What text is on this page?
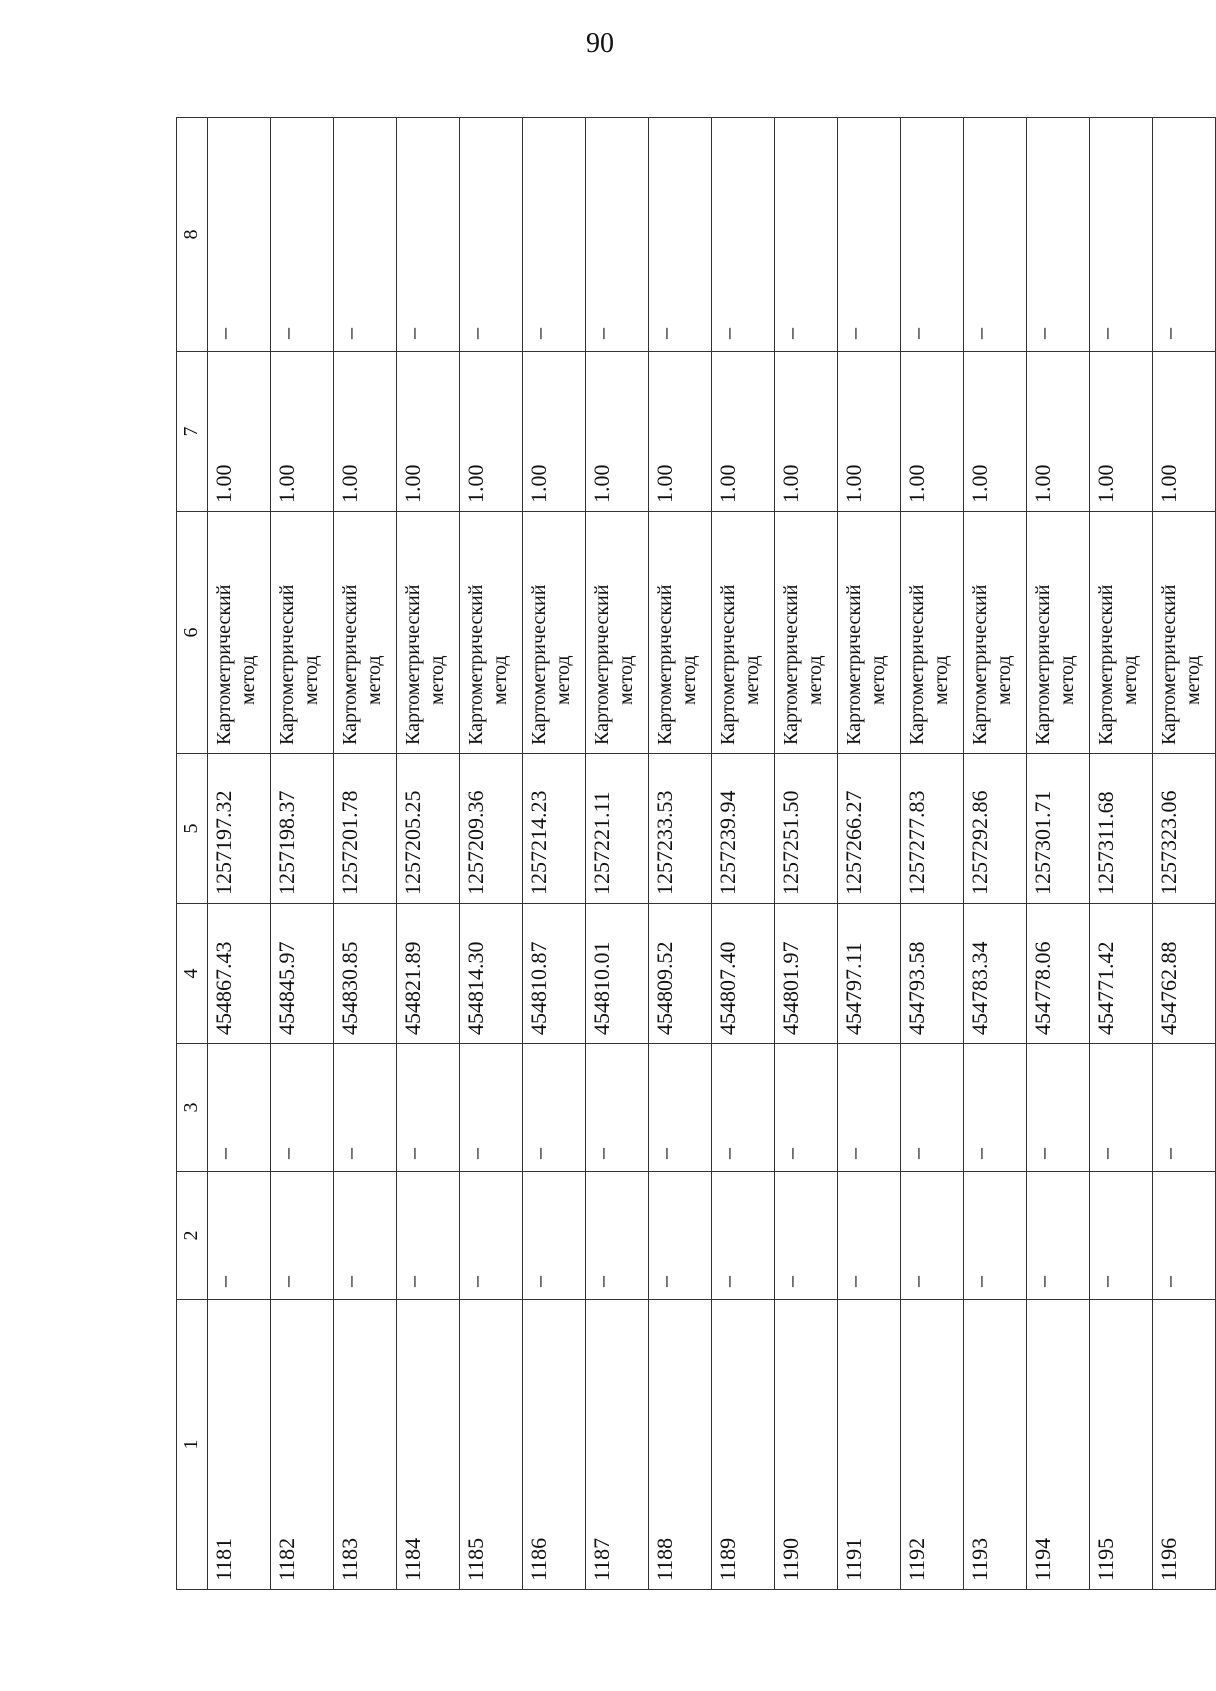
90
1	2	3	4	5	6	7	8
1181	–	–	454867.43	1257197.32	Картометрический метод	1.00	–
1182	–	–	454845.97	1257198.37	Картометрический метод	1.00	–
1183	–	–	454830.85	1257201.78	Картометрический метод	1.00	–
1184	–	–	454821.89	1257205.25	Картометрический метод	1.00	–
1185	–	–	454814.30	1257209.36	Картометрический метод	1.00	–
1186	–	–	454810.87	1257214.23	Картометрический метод	1.00	–
1187	–	–	454810.01	1257221.11	Картометрический метод	1.00	–
1188	–	–	454809.52	1257233.53	Картометрический метод	1.00	–
1189	–	–	454807.40	1257239.94	Картометрический метод	1.00	–
1190	–	–	454801.97	1257251.50	Картометрический метод	1.00	–
1191	–	–	454797.11	1257266.27	Картометрический метод	1.00	–
1192	–	–	454793.58	1257277.83	Картометрический метод	1.00	–
1193	–	–	454783.34	1257292.86	Картометрический метод	1.00	–
1194	–	–	454778.06	1257301.71	Картометрический метод	1.00	–
1195	–	–	454771.42	1257311.68	Картометрический метод	1.00	–
1196	–	–	454762.88	1257323.06	Картометрический метод	1.00	–
